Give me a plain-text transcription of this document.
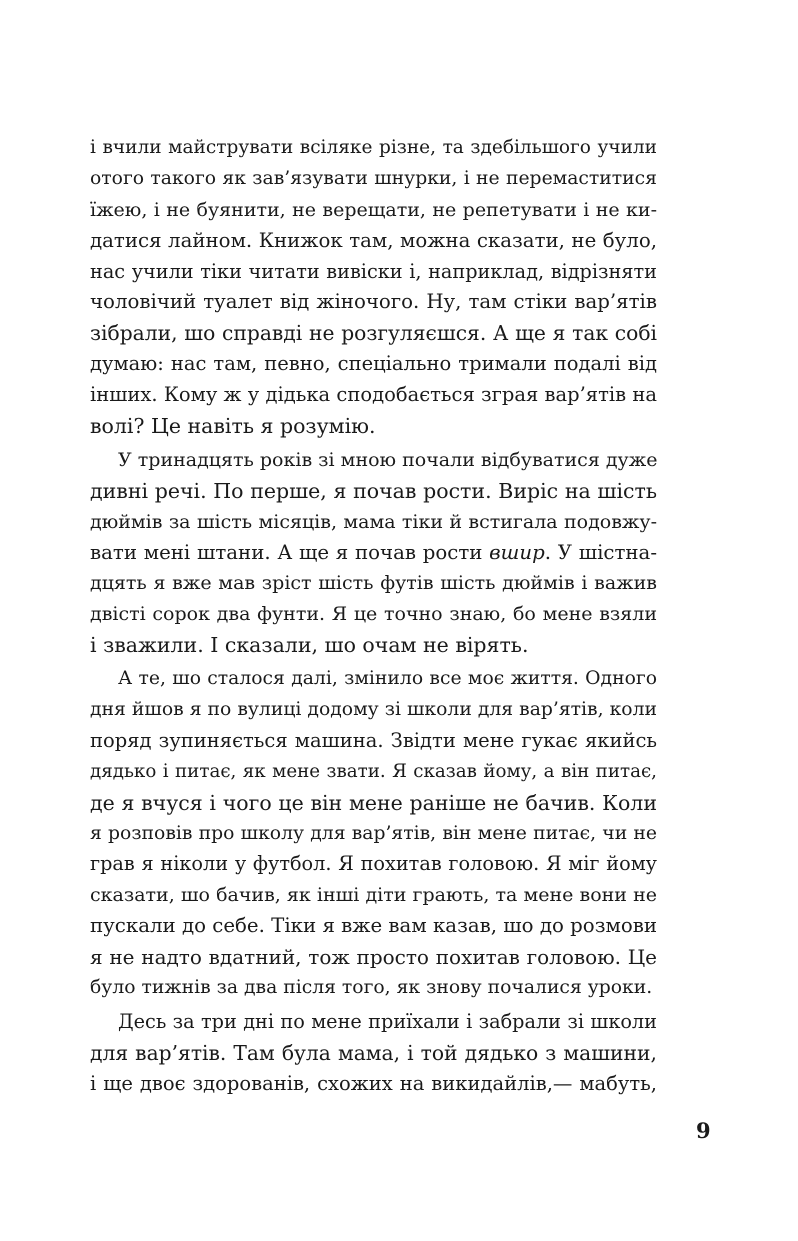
і вчили майструвати всіляке різне, та здебільшого учили
отого такого як зав’язувати шнурки, і не перемаститися
їжею, і не буянити, не верещати, не репетувати і не ки-
датися лайном. Книжок там, можна сказати, не було,
нас учили тіки читати вивіски і, наприклад, відрізняти
чоловічий туалет від жіночого. Ну, там стіки вар’ятів
зібрали, шо справді не розгуляєшся. А ще я так собі
думаю: нас там, певно, спеціально тримали подалі від
інших. Кому ж у дідька сподобається зграя вар’ятів на
волі? Це навіть я розумію.
У тринадцять років зі мною почали відбуватися дуже
дивні речі. По перше, я почав рости. Виріс на шість
дюймів за шість місяців, мама тіки й встигала подовжу-
вати мені штани. А ще я почав рости вшир. У шістна-
дцять я вже мав зріст шість футів шість дюймів і важив
двісті сорок два фунти. Я це точно знаю, бо мене взяли
і зважили. І сказали, шо очам не вірять.
А те, шо сталося далі, змінило все моє життя. Одного
дня йшов я по вулиці додому зі школи для вар’ятів, коли
поряд зупиняється машина. Звідти мене гукає якийсь
дядько і питає, як мене звати. Я сказав йому, а він питає,
де я вчуся і чого це він мене раніше не бачив. Коли
я розповів про школу для вар’ятів, він мене питає, чи не
грав я ніколи у футбол. Я похитав головою. Я міг йому
сказати, шо бачив, як інші діти грають, та мене вони не
пускали до себе. Тіки я вже вам казав, шо до розмови
я не надто вдатний, тож просто похитав головою. Це
було тижнів за два після того, як знову почалися уроки.
Десь за три дні по мене приїхали і забрали зі школи
для вар’ятів. Там була мама, і той дядько з машини,
і ще двоє здорованів, схожих на викидайлів,— мабуть,
9
